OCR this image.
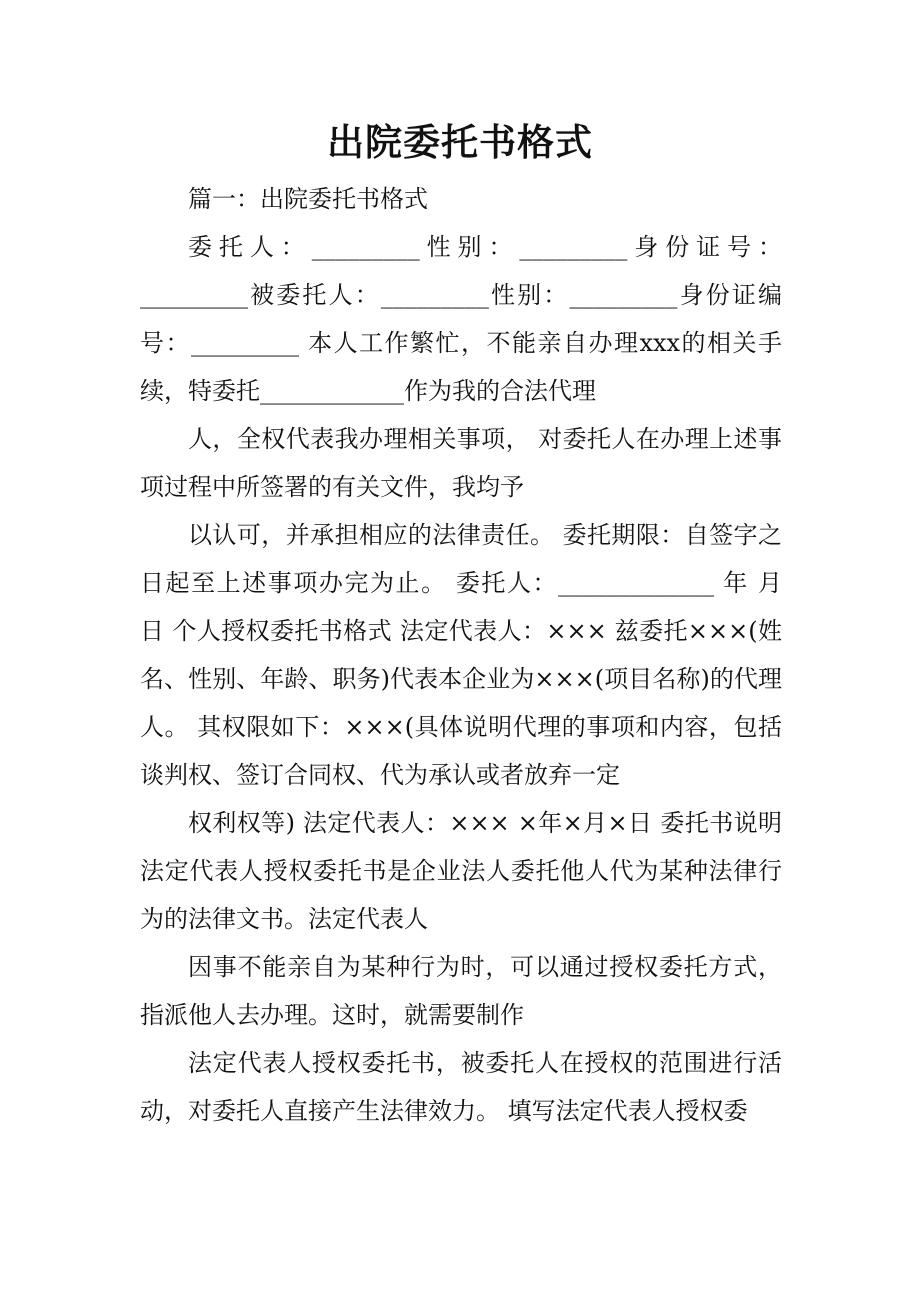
出院委托书格式

篇一：出院委托书格式

委托人：_________性别：_________身份证号：_________被委托人：_________性别：_________身份证编号：_________ 本人工作繁忙，不能亲自办理xxx的相关手续，特委托____________作为我的合法代理

人，全权代表我办理相关事项， 对委托人在办理上述事项过程中所签署的有关文件，我均予

以认可，并承担相应的法律责任。 委托期限：自签字之日起至上述事项办完为止。 委托人：_____________ 年 月 日 个人授权委托书格式 法定代表人：××× 兹委托×××(姓名、性别、年龄、职务)代表本企业为×××(项目名称)的代理人。 其权限如下：×××(具体说明代理的事项和内容，包括谈判权、签订合同权、代为承认或者放弃一定

权利权等) 法定代表人：××× ×年×月×日 委托书说明法定代表人授权委托书是企业法人委托他人代为某种法律行为的法律文书。法定代表人

因事不能亲自为某种行为时，可以通过授权委托方式，指派他人去办理。这时，就需要制作

法定代表人授权委托书，被委托人在授权的范围进行活动，对委托人直接产生法律效力。 填写法定代表人授权委
